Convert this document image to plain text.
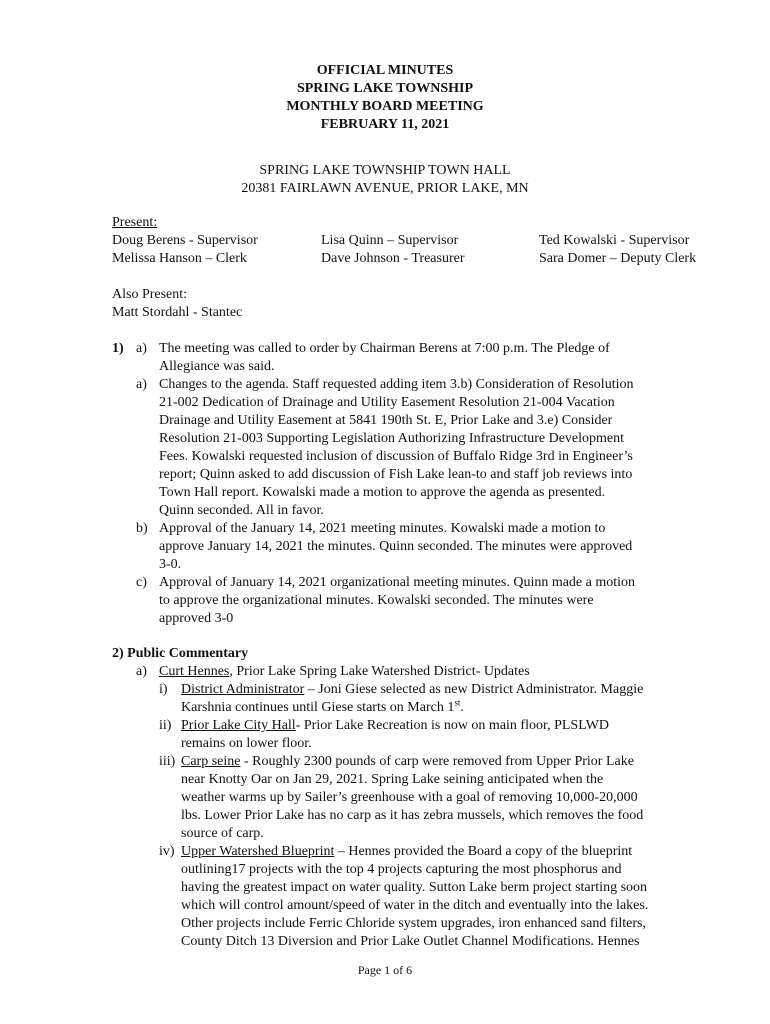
OFFICIAL MINUTES
SPRING LAKE TOWNSHIP
MONTHLY BOARD MEETING
FEBRUARY 11, 2021
SPRING LAKE TOWNSHIP TOWN HALL
20381 FAIRLAWN AVENUE, PRIOR LAKE, MN
Present:
Doug Berens - Supervisor
Melissa Hanson – Clerk
Lisa Quinn – Supervisor
Dave Johnson - Treasurer
Ted Kowalski - Supervisor
Sara Domer – Deputy Clerk
Also Present:
Matt Stordahl - Stantec
1) a) The meeting was called to order by Chairman Berens at 7:00 p.m. The Pledge of
Allegiance was said.
a) Changes to the agenda. Staff requested adding item 3.b) Consideration of Resolution
21-002 Dedication of Drainage and Utility Easement Resolution 21-004 Vacation
Drainage and Utility Easement at 5841 190th St. E, Prior Lake and 3.e) Consider
Resolution 21-003 Supporting Legislation Authorizing Infrastructure Development
Fees. Kowalski requested inclusion of discussion of Buffalo Ridge 3rd in Engineer’s
report; Quinn asked to add discussion of Fish Lake lean-to and staff job reviews into
Town Hall report. Kowalski made a motion to approve the agenda as presented.
Quinn seconded. All in favor.
b) Approval of the January 14, 2021 meeting minutes. Kowalski made a motion to
approve January 14, 2021 the minutes. Quinn seconded. The minutes were approved
3-0.
c) Approval of January 14, 2021 organizational meeting minutes. Quinn made a motion
to approve the organizational minutes. Kowalski seconded. The minutes were
approved 3-0
2) Public Commentary
a) Curt Hennes, Prior Lake Spring Lake Watershed District- Updates
i) District Administrator – Joni Giese selected as new District Administrator. Maggie
Karshnia continues until Giese starts on March 1st.
ii) Prior Lake City Hall- Prior Lake Recreation is now on main floor, PLSLWD
remains on lower floor.
iii) Carp seine - Roughly 2300 pounds of carp were removed from Upper Prior Lake
near Knotty Oar on Jan 29, 2021. Spring Lake seining anticipated when the
weather warms up by Sailer’s greenhouse with a goal of removing 10,000-20,000
lbs. Lower Prior Lake has no carp as it has zebra mussels, which removes the food
source of carp.
iv) Upper Watershed Blueprint – Hennes provided the Board a copy of the blueprint
outlining17 projects with the top 4 projects capturing the most phosphorus and
having the greatest impact on water quality. Sutton Lake berm project starting soon
which will control amount/speed of water in the ditch and eventually into the lakes.
Other projects include Ferric Chloride system upgrades, iron enhanced sand filters,
County Ditch 13 Diversion and Prior Lake Outlet Channel Modifications. Hennes
Page 1 of 6
